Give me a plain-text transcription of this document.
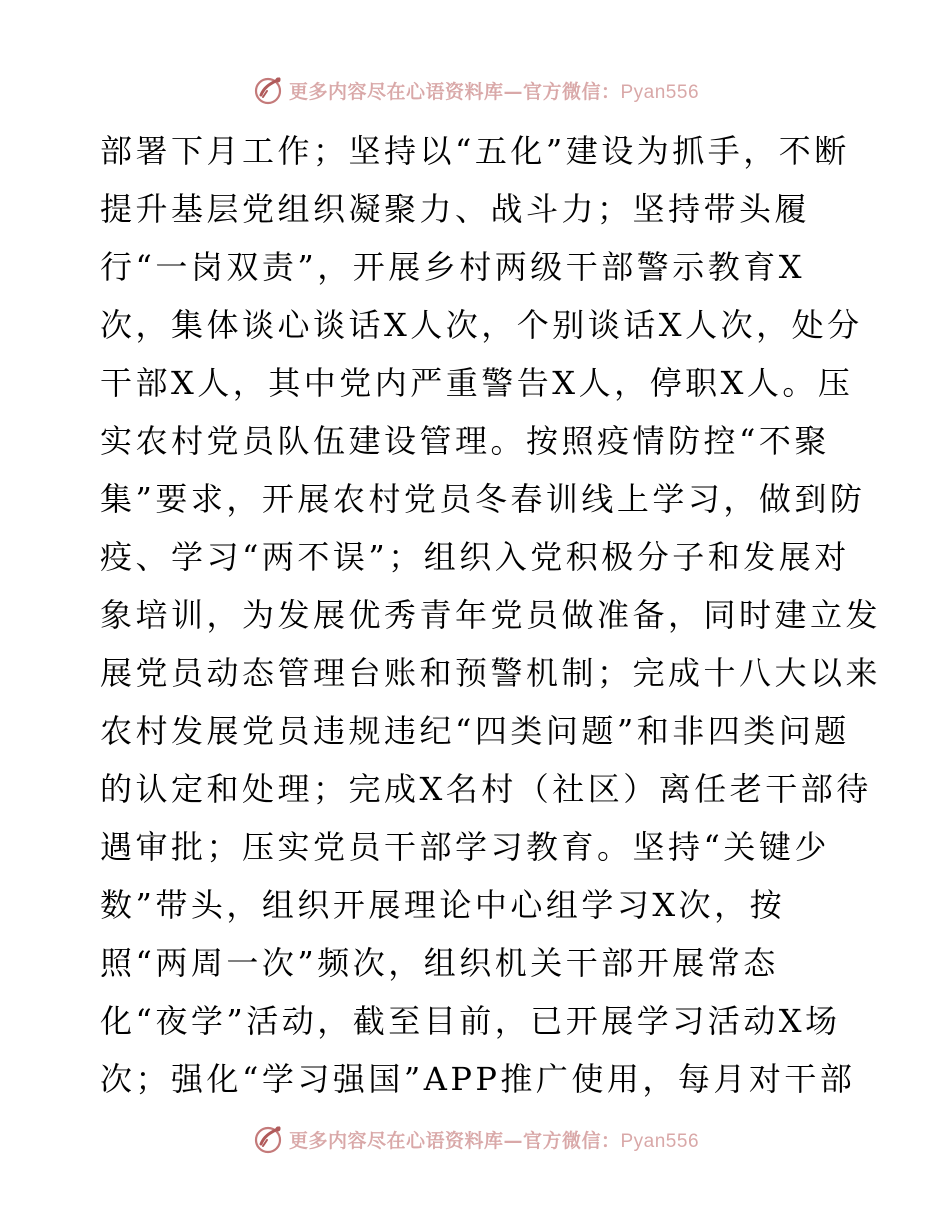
更多内容尽在心语资料库—官方微信：Pyan556
部署下月工作；坚持以“五化”建设为抓手，不断
提升基层党组织凝聚力、战斗力；坚持带头履
行“一岗双责”，开展乡村两级干部警示教育X
次，集体谈心谈话X人次，个别谈话X人次，处分
干部X人，其中党内严重警告X人，停职X人。压
实农村党员队伍建设管理。按照疫情防控“不聚
集”要求，开展农村党员冬春训线上学习，做到防
疫、学习“两不误”；组织入党积极分子和发展对
象培训，为发展优秀青年党员做准备，同时建立发
展党员动态管理台账和预警机制；完成十八大以来
农村发展党员违规违纪“四类问题”和非四类问题
的认定和处理；完成X名村（社区）离任老干部待
遇审批；压实党员干部学习教育。坚持“关键少
数”带头，组织开展理论中心组学习X次，按
照“两周一次”频次，组织机关干部开展常态
化“夜学”活动，截至目前，已开展学习活动X场
次；强化“学习强国”APP推广使用，每月对干部
更多内容尽在心语资料库—官方微信：Pyan556
